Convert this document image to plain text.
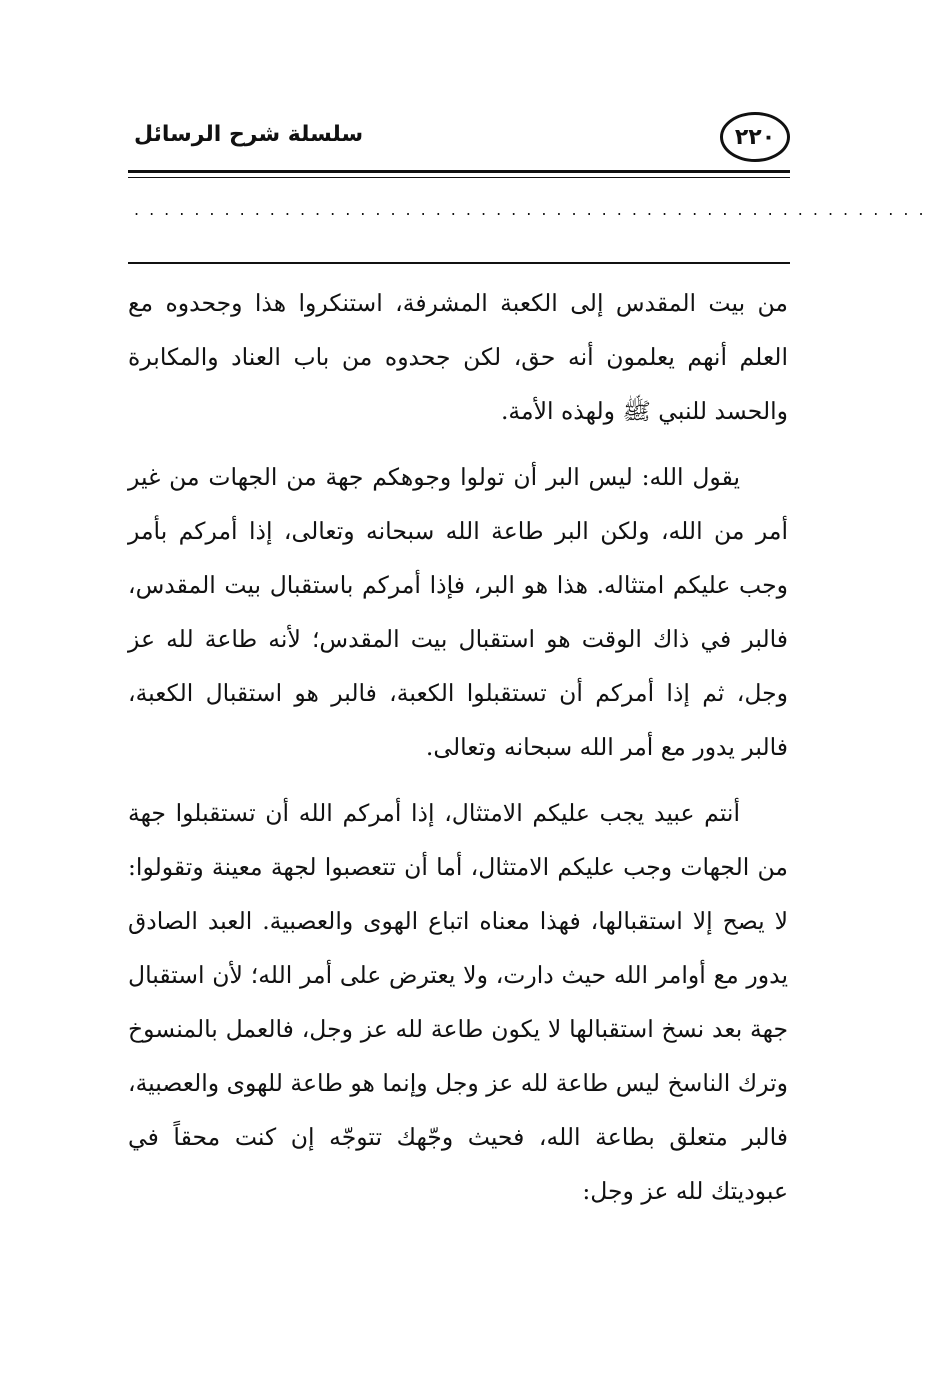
٢٢٠
سلسلة شرح الرسائل
.....................................................

من بيت المقدس إلى الكعبة المشرفة، استنكروا هذا وجحدوه مع العلم أنهم يعلمون أنه حق، لكن جحدوه من باب العناد والمكابرة والحسد للنبي ﷺ ولهذه الأمة.

يقول الله: ليس البر أن تولوا وجوهكم جهة من الجهات من غير أمر من الله، ولكن البر طاعة الله سبحانه وتعالى، إذا أمركم بأمر وجب عليكم امتثاله. هذا هو البر، فإذا أمركم باستقبال بيت المقدس، فالبر في ذاك الوقت هو استقبال بيت المقدس؛ لأنه طاعة لله عز وجل، ثم إذا أمركم أن تستقبلوا الكعبة، فالبر هو استقبال الكعبة، فالبر يدور مع أمر الله سبحانه وتعالى.

أنتم عبيد يجب عليكم الامتثال، إذا أمركم الله أن تستقبلوا جهة من الجهات وجب عليكم الامتثال، أما أن تتعصبوا لجهة معينة وتقولوا: لا يصح إلا استقبالها، فهذا معناه اتباع الهوى والعصبية. العبد الصادق يدور مع أوامر الله حيث دارت، ولا يعترض على أمر الله؛ لأن استقبال جهة بعد نسخ استقبالها لا يكون طاعة لله عز وجل، فالعمل بالمنسوخ وترك الناسخ ليس طاعة لله عز وجل وإنما هو طاعة للهوى والعصبية، فالبر متعلق بطاعة الله، فحيث وجّهك تتوجّه إن كنت محقاً في عبوديتك لله عز وجل:
